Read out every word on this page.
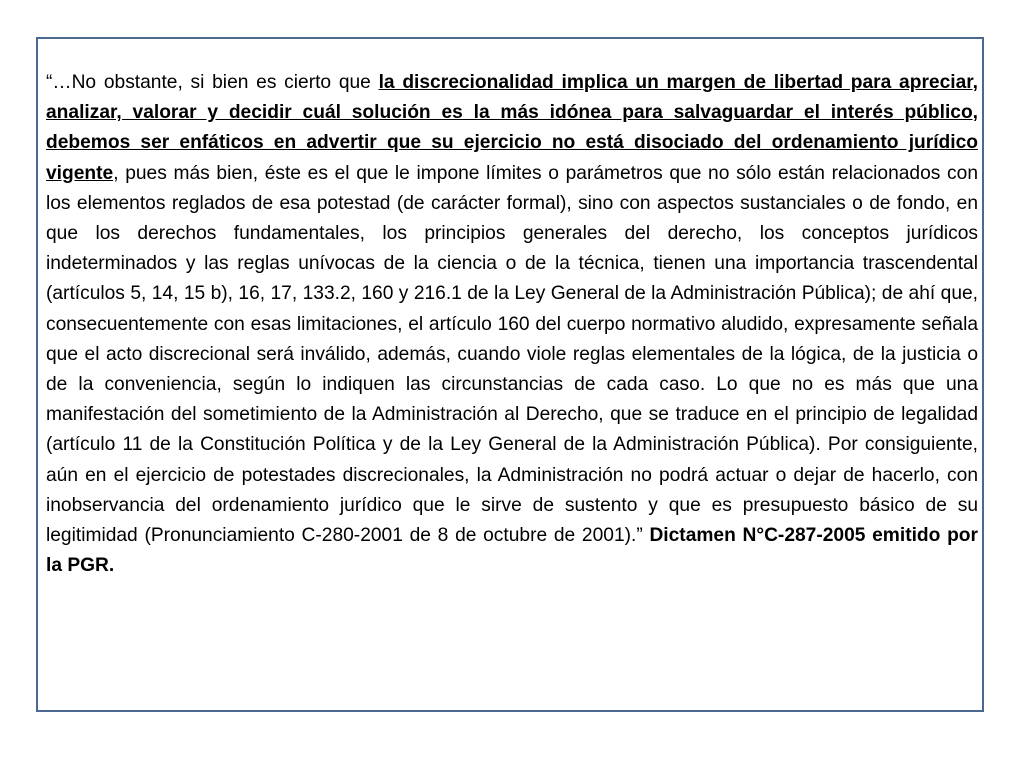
“…No obstante, si bien es cierto que la discrecionalidad implica un margen de libertad para apreciar, analizar, valorar y decidir cuál solución es la más idónea para salvaguardar el interés público, debemos ser enfáticos en advertir que su ejercicio no está disociado del ordenamiento jurídico vigente, pues más bien, éste es el que le impone límites o parámetros que no sólo están relacionados con los elementos reglados de esa potestad (de carácter formal), sino con aspectos sustanciales o de fondo, en que los derechos fundamentales, los principios generales del derecho, los conceptos jurídicos indeterminados y las reglas unívocas de la ciencia o de la técnica, tienen una importancia trascendental (artículos 5, 14, 15 b), 16, 17, 133.2, 160 y 216.1 de la Ley General de la Administración Pública); de ahí que, consecuentemente con esas limitaciones, el artículo 160 del cuerpo normativo aludido, expresamente señala que el acto discrecional será inválido, además, cuando viole reglas elementales de la lógica, de la justicia o de la conveniencia, según lo indiquen las circunstancias de cada caso. Lo que no es más que una manifestación del sometimiento de la Administración al Derecho, que se traduce en el principio de legalidad (artículo 11 de la Constitución Política y de la Ley General de la Administración Pública). Por consiguiente, aún en el ejercicio de potestades discrecionales, la Administración no podrá actuar o dejar de hacerlo, con inobservancia del ordenamiento jurídico que le sirve de sustento y que es presupuesto básico de su legitimidad (Pronunciamiento C-280-2001 de 8 de octubre de 2001).” Dictamen N°C-287-2005 emitido por la PGR.
